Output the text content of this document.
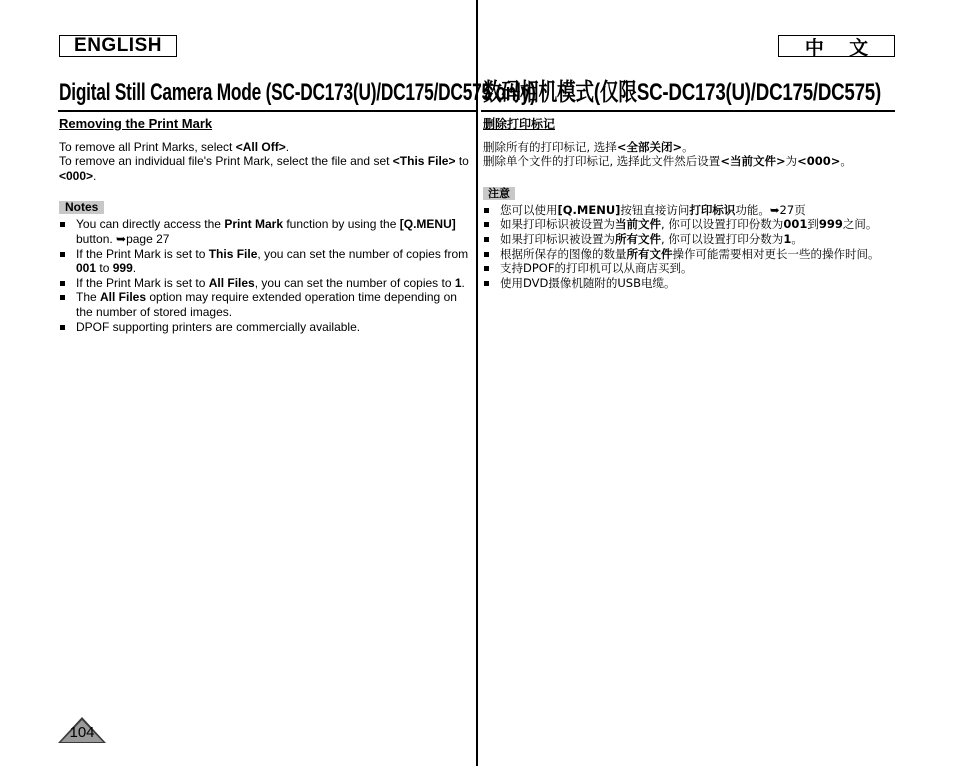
ENGLISH	中 文
Digital Still Camera Mode (SC-DC173(U)/DC175/DC575 only)
数码相机模式(仅限SC-DC173(U)/DC175/DC575)
Removing the Print Mark

To remove all Print Marks, select <All Off>.

To remove an individual file's Print Mark, select the file and set <This File> to <000>.

Notes
You can directly access the Print Mark function by using the [Q.MENU] button. ➥page 27
If the Print Mark is set to This File, you can set the number of copies from 001 to 999.
If the Print Mark is set to All Files, you can set the number of copies to 1.
The All Files option may require extended operation time depending on the number of stored images.
DPOF supporting printers are commercially available.
删除打印标记

删除所有的打印标记, 选择<全部关闭>。

删除单个文件的打印标记, 选择此文件然后设置<当前文件>为<000>。

注意
您可以使用[Q.MENU]按钮直接访问打印标识功能。➥27页
如果打印标识被设置为当前文件, 你可以设置打印份数为001到999之间。
如果打印标识被设置为所有文件, 你可以设置打印分数为1。
根据所保存的图像的数量所有文件操作可能需要相对更长一些的操作时间。
支持DPOF的打印机可以从商店买到。
使用DVD摄像机随附的USB电缆。
104
